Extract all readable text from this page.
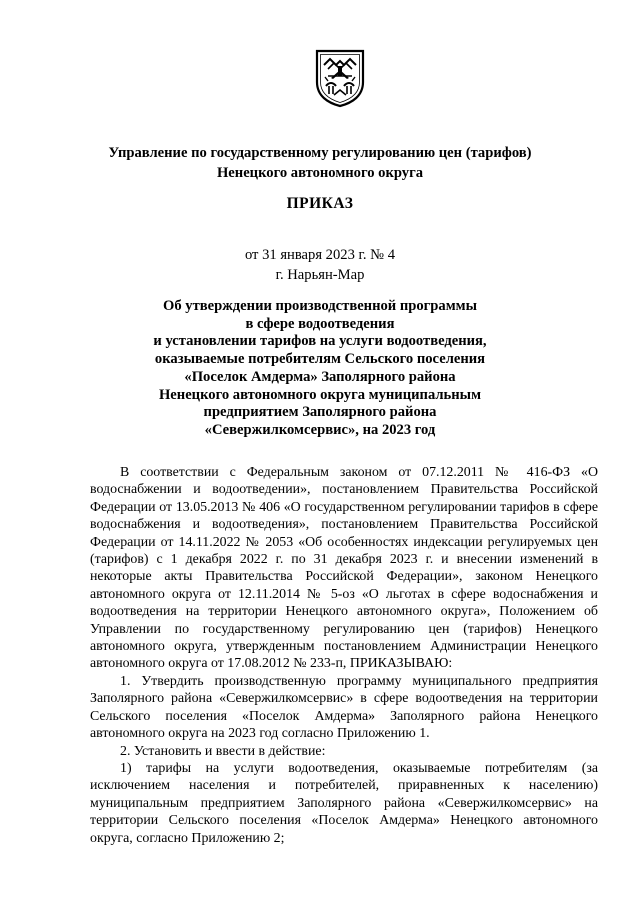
Управление по государственному регулированию цен (тарифов)
Ненецкого автономного округа
ПРИКАЗ
от 31 января 2023 г. № 4
г. Нарьян-Мар
Об утверждении производственной программы
в сфере водоотведения
и установлении тарифов на услуги водоотведения,
оказываемые потребителям Сельского поселения
«Поселок Амдерма» Заполярного района
Ненецкого автономного округа муниципальным
предприятием Заполярного района
«Севержилкомсервис», на 2023 год

В соответствии с Федеральным законом от 07.12.2011 № 416-ФЗ «О водоснабжении и водоотведении», постановлением Правительства Российской Федерации от 13.05.2013 № 406 «О государственном регулировании тарифов в сфере водоснабжения и водоотведения», постановлением Правительства Российской Федерации от 14.11.2022 № 2053 «Об особенностях индексации регулируемых цен (тарифов) с 1 декабря 2022 г. по 31 декабря 2023 г. и внесении изменений в некоторые акты Правительства Российской Федерации», законом Ненецкого автономного округа от 12.11.2014 № 5-оз «О льготах в сфере водоснабжения и водоотведения на территории Ненецкого автономного округа», Положением об Управлении по государственному регулированию цен (тарифов) Ненецкого автономного округа, утвержденным постановлением Администрации Ненецкого автономного округа от 17.08.2012 № 233-п, ПРИКАЗЫВАЮ:

1. Утвердить производственную программу муниципального предприятия Заполярного района «Севержилкомсервис» в сфере водоотведения на территории Сельского поселения «Поселок Амдерма» Заполярного района Ненецкого автономного округа на 2023 год согласно Приложению 1.

2. Установить и ввести в действие:

1) тарифы на услуги водоотведения, оказываемые потребителям (за исключением населения и потребителей, приравненных к населению) муниципальным предприятием Заполярного района «Севержилкомсервис» на территории Сельского поселения «Поселок Амдерма» Ненецкого автономного округа, согласно Приложению 2;
